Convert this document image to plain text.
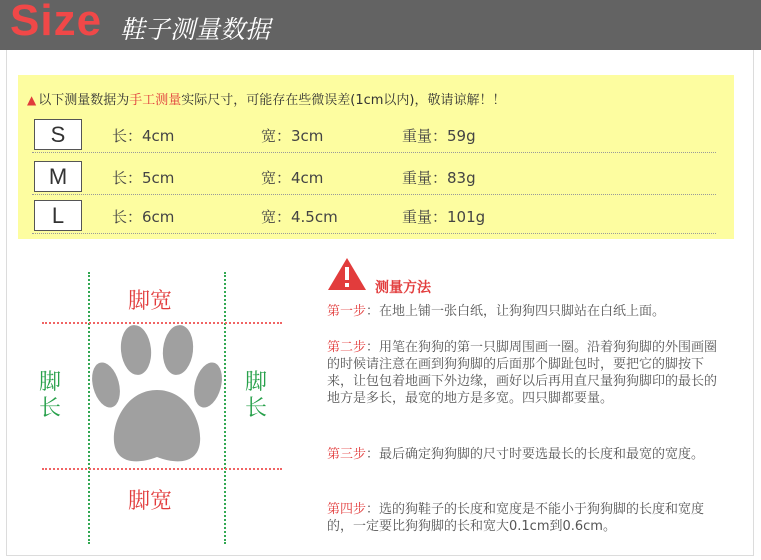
Size 鞋子测量数据
▲ 以下测量数据为手工测量实际尺寸，可能存在些微误差(1cm以内)，敬请谅解！！
S	长：4cm	宽：3cm	重量：59g
M	长：5cm	宽：4cm	重量：83g
L	长：6cm	宽：4.5cm	重量：101g
脚宽
脚宽
脚
长
脚
长
测量方法
第一步：在地上铺一张白纸，让狗狗四只脚站在白纸上面。
第二步：用笔在狗狗的第一只脚周围画一圈。沿着狗狗脚的外围画圈的时候请注意在画到狗狗脚的后面那个脚趾包时，要把它的脚按下来，让包包着地画下外边缘，画好以后再用直尺量狗狗脚印的最长的地方是多长，最宽的地方是多宽。四只脚都要量。
第三步：最后确定狗狗脚的尺寸时要选最长的长度和最宽的宽度。
第四步：选的狗鞋子的长度和宽度是不能小于狗狗脚的长度和宽度的，一定要比狗狗脚的长和宽大0.1cm到0.6cm。
